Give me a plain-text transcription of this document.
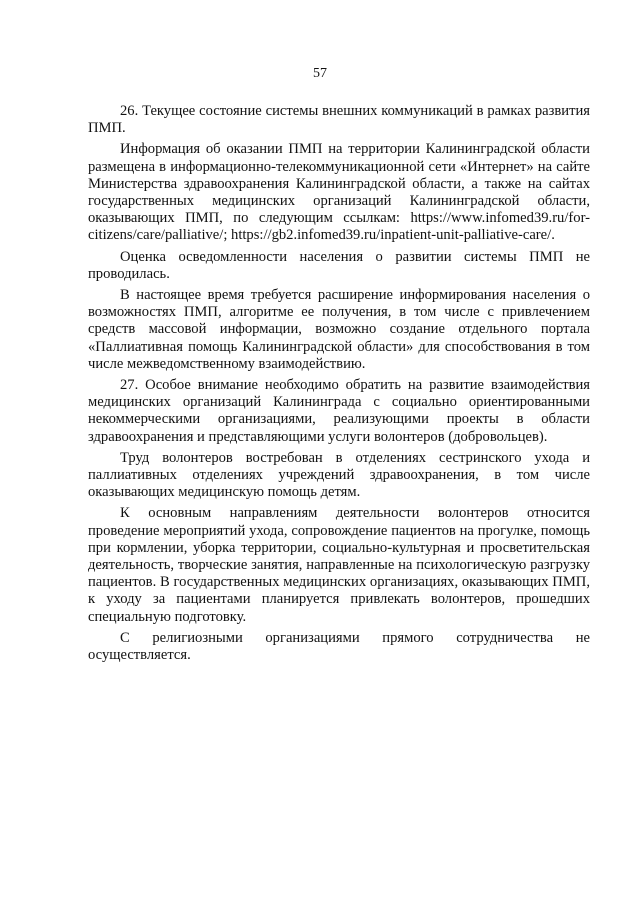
57

26. Текущее состояние системы внешних коммуникаций в рамках развития ПМП.

Информация об оказании ПМП на территории Калининградской области размещена в информационно-телекоммуникационной сети «Интернет» на сайте Министерства здравоохранения Калининградской области, а также на сайтах государственных медицинских организаций Калининградской области, оказывающих ПМП, по следующим ссылкам: https://www.infomed39.ru/for-citizens/care/palliative/; https://gb2.infomed39.ru/inpatient-unit-palliative-care/.

Оценка осведомленности населения о развитии системы ПМП не проводилась.

В настоящее время требуется расширение информирования населения о возможностях ПМП, алгоритме ее получения, в том числе с привлечением средств массовой информации, возможно создание отдельного портала «Паллиативная помощь Калининградской области» для способствования в том числе межведомственному взаимодействию.

27. Особое внимание необходимо обратить на развитие взаимодействия медицинских организаций Калининграда с социально ориентированными некоммерческими организациями, реализующими проекты в области здравоохранения и представляющими услуги волонтеров (добровольцев).

Труд волонтеров востребован в отделениях сестринского ухода и паллиативных отделениях учреждений здравоохранения, в том числе оказывающих медицинскую помощь детям.

К основным направлениям деятельности волонтеров относится проведение мероприятий ухода, сопровождение пациентов на прогулке, помощь при кормлении, уборка территории, социально-культурная и просветительская деятельность, творческие занятия, направленные на психологическую разгрузку пациентов. В государственных медицинских организациях, оказывающих ПМП, к уходу за пациентами планируется привлекать волонтеров, прошедших специальную подготовку.

С религиозными организациями прямого сотрудничества не осуществляется.
